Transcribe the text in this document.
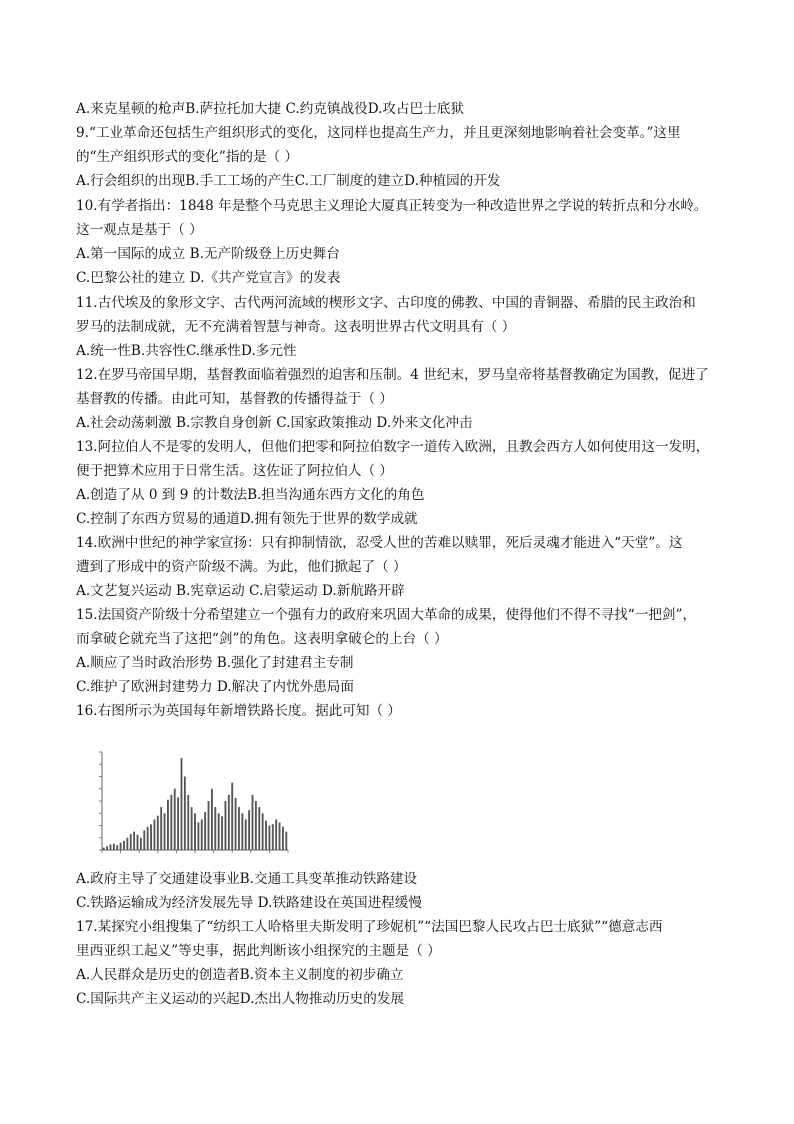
A.来克星顿的枪声B.萨拉托加大捷 C.约克镇战役D.攻占巴士底狱
9.“工业革命还包括生产组织形式的变化，这同样也提高生产力，并且更深刻地影响着社会变革。”这里
的“生产组织形式的变化”指的是（ ）
A.行会组织的出现B.手工工场的产生C.工厂制度的建立D.种植园的开发
10.有学者指出：1848 年是整个马克思主义理论大厦真正转变为一种改造世界之学说的转折点和分水岭。
这一观点是基于（ ）
A.第一国际的成立 B.无产阶级登上历史舞台
C.巴黎公社的建立 D.《共产党宣言》的发表
11.古代埃及的象形文字、古代两河流域的楔形文字、古印度的佛教、中国的青铜器、希腊的民主政治和
罗马的法制成就，无不充满着智慧与神奇。这表明世界古代文明具有（ ）
A.统一性B.共容性C.继承性D.多元性
12.在罗马帝国早期，基督教面临着强烈的迫害和压制。4 世纪末，罗马皇帝将基督教确定为国教，促进了
基督教的传播。由此可知，基督教的传播得益于（ ）
A.社会动荡刺激 B.宗教自身创新 C.国家政策推动 D.外来文化冲击
13.阿拉伯人不是零的发明人，但他们把零和阿拉伯数字一道传入欧洲，且教会西方人如何使用这一发明，
便于把算术应用于日常生活。这佐证了阿拉伯人（ ）
A.创造了从 0 到 9 的计数法B.担当沟通东西方文化的角色
C.控制了东西方贸易的通道D.拥有领先于世界的数学成就
14.欧洲中世纪的神学家宣扬：只有抑制情欲，忍受人世的苦难以赎罪，死后灵魂才能进入“天堂”。这
遭到了形成中的资产阶级不满。为此，他们掀起了（ ）
A.文艺复兴运动 B.宪章运动 C.启蒙运动 D.新航路开辟
15.法国资产阶级十分希望建立一个强有力的政府来巩固大革命的成果，使得他们不得不寻找“一把剑”，
而拿破仑就充当了这把“剑”的角色。这表明拿破仑的上台（ ）
A.顺应了当时政治形势 B.强化了封建君主专制
C.维护了欧洲封建势力 D.解决了内忧外患局面
16.右图所示为英国每年新增铁路长度。据此可知（ ）
A.政府主导了交通建设事业B.交通工具变革推动铁路建设
C.铁路运输成为经济发展先导 D.铁路建设在英国进程缓慢
17.某探究小组搜集了“纺织工人哈格里夫斯发明了珍妮机”“法国巴黎人民攻占巴士底狱”“德意志西
里西亚织工起义”等史事，据此判断该小组探究的主题是（ ）
A.人民群众是历史的创造者B.资本主义制度的初步确立
C.国际共产主义运动的兴起D.杰出人物推动历史的发展
